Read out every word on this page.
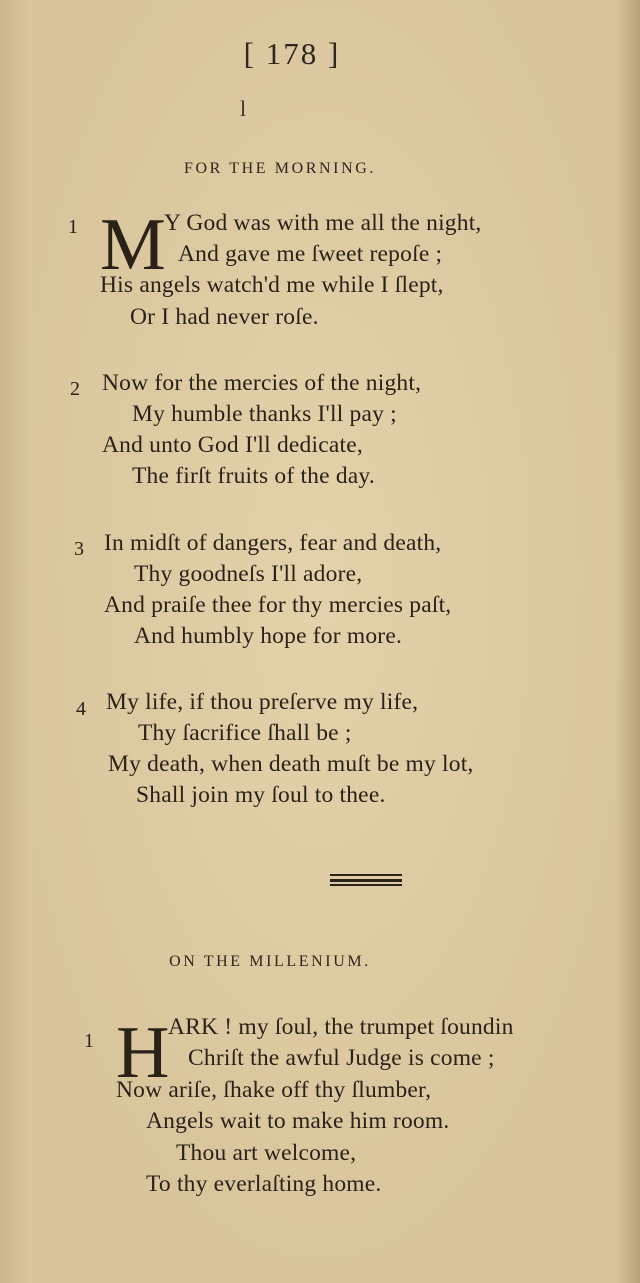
[ 178 ]
l
FOR THE MORNING.
1 M
Y God was with me all the night,
And gave me ſweet repoſe ;
His angels watch'd me while I ſlept,
Or I had never roſe.
2 Now for the mercies of the night,
My humble thanks I'll pay ;
And unto God I'll dedicate,
The firſt fruits of the day.
3 In midſt of dangers, fear and death,
Thy goodneſs I'll adore,
And praiſe thee for thy mercies paſt,
And humbly hope for more.
4 My life, if thou preſerve my life,
Thy ſacrifice ſhall be ;
My death, when death muſt be my lot,
Shall join my ſoul to thee.
ON THE MILLENIUM.
1 H
ARK ! my ſoul, the trumpet ſoundin
Chriſt the awful Judge is come ;
Now ariſe, ſhake off thy ſlumber,
Angels wait to make him room.
Thou art welcome,
To thy everlaſting home.
